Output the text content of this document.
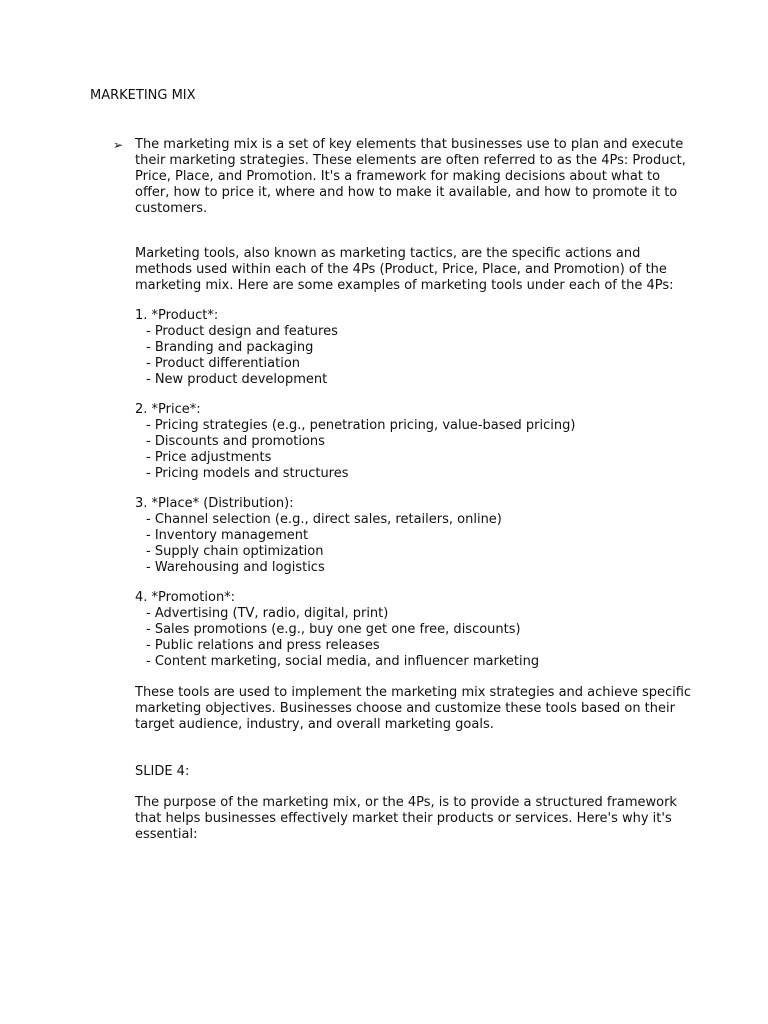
MARKETING MIX
➢ The marketing mix is a set of key elements that businesses use to plan and execute their marketing strategies. These elements are often referred to as the 4Ps: Product, Price, Place, and Promotion. It's a framework for making decisions about what to offer, how to price it, where and how to make it available, and how to promote it to customers.

Marketing tools, also known as marketing tactics, are the specific actions and methods used within each of the 4Ps (Product, Price, Place, and Promotion) of the marketing mix. Here are some examples of marketing tools under each of the 4Ps:

1. *Product*:

- Product design and features

- Branding and packaging

- Product differentiation

- New product development

2. *Price*:

- Pricing strategies (e.g., penetration pricing, value-based pricing)

- Discounts and promotions

- Price adjustments

- Pricing models and structures

3. *Place* (Distribution):

- Channel selection (e.g., direct sales, retailers, online)

- Inventory management

- Supply chain optimization

- Warehousing and logistics

4. *Promotion*:

- Advertising (TV, radio, digital, print)

- Sales promotions (e.g., buy one get one free, discounts)

- Public relations and press releases

- Content marketing, social media, and influencer marketing

These tools are used to implement the marketing mix strategies and achieve specific marketing objectives. Businesses choose and customize these tools based on their target audience, industry, and overall marketing goals.

SLIDE 4:

The purpose of the marketing mix, or the 4Ps, is to provide a structured framework that helps businesses effectively market their products or services. Here's why it's essential:
